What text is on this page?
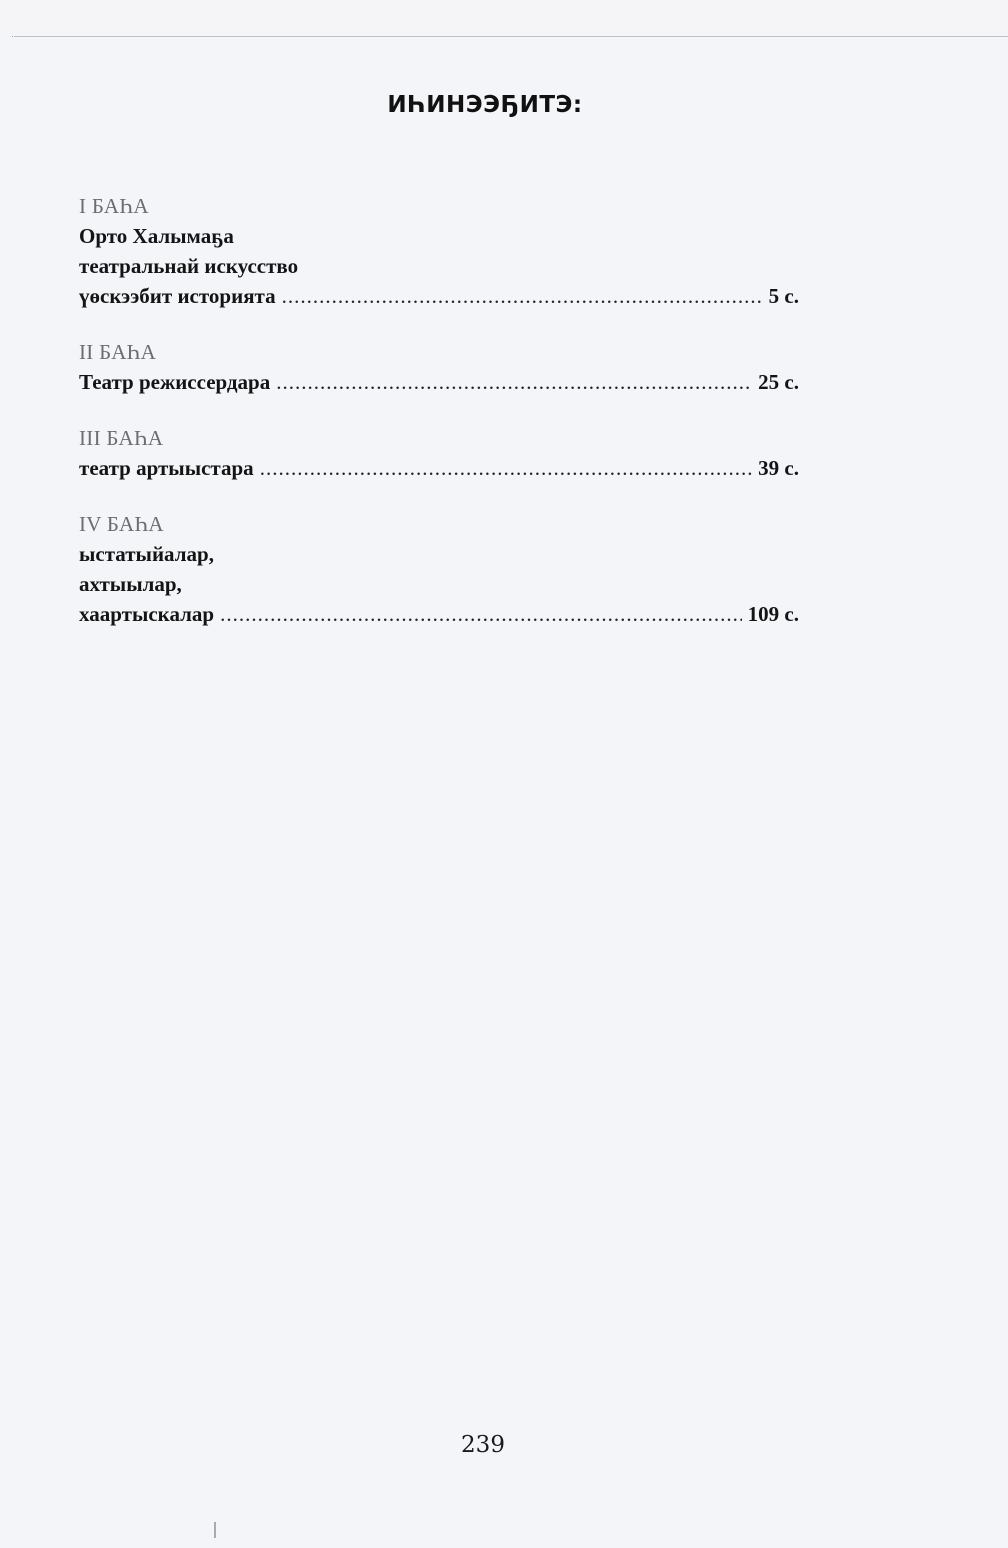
ИҺИНЭЭҔИТЭ:
I БАҺА
Орто Халымаҕа
театральнай искусство
үөскээбит историята .....	5 с.
II БАҺА
Театр режиссердара .....	25 с.
III БАҺА
театр артыыстара .....	39 с.
IV БАҺА
ыстатыйалар,
ахтыылар,
хаартыскалар .....	109 с.
239
